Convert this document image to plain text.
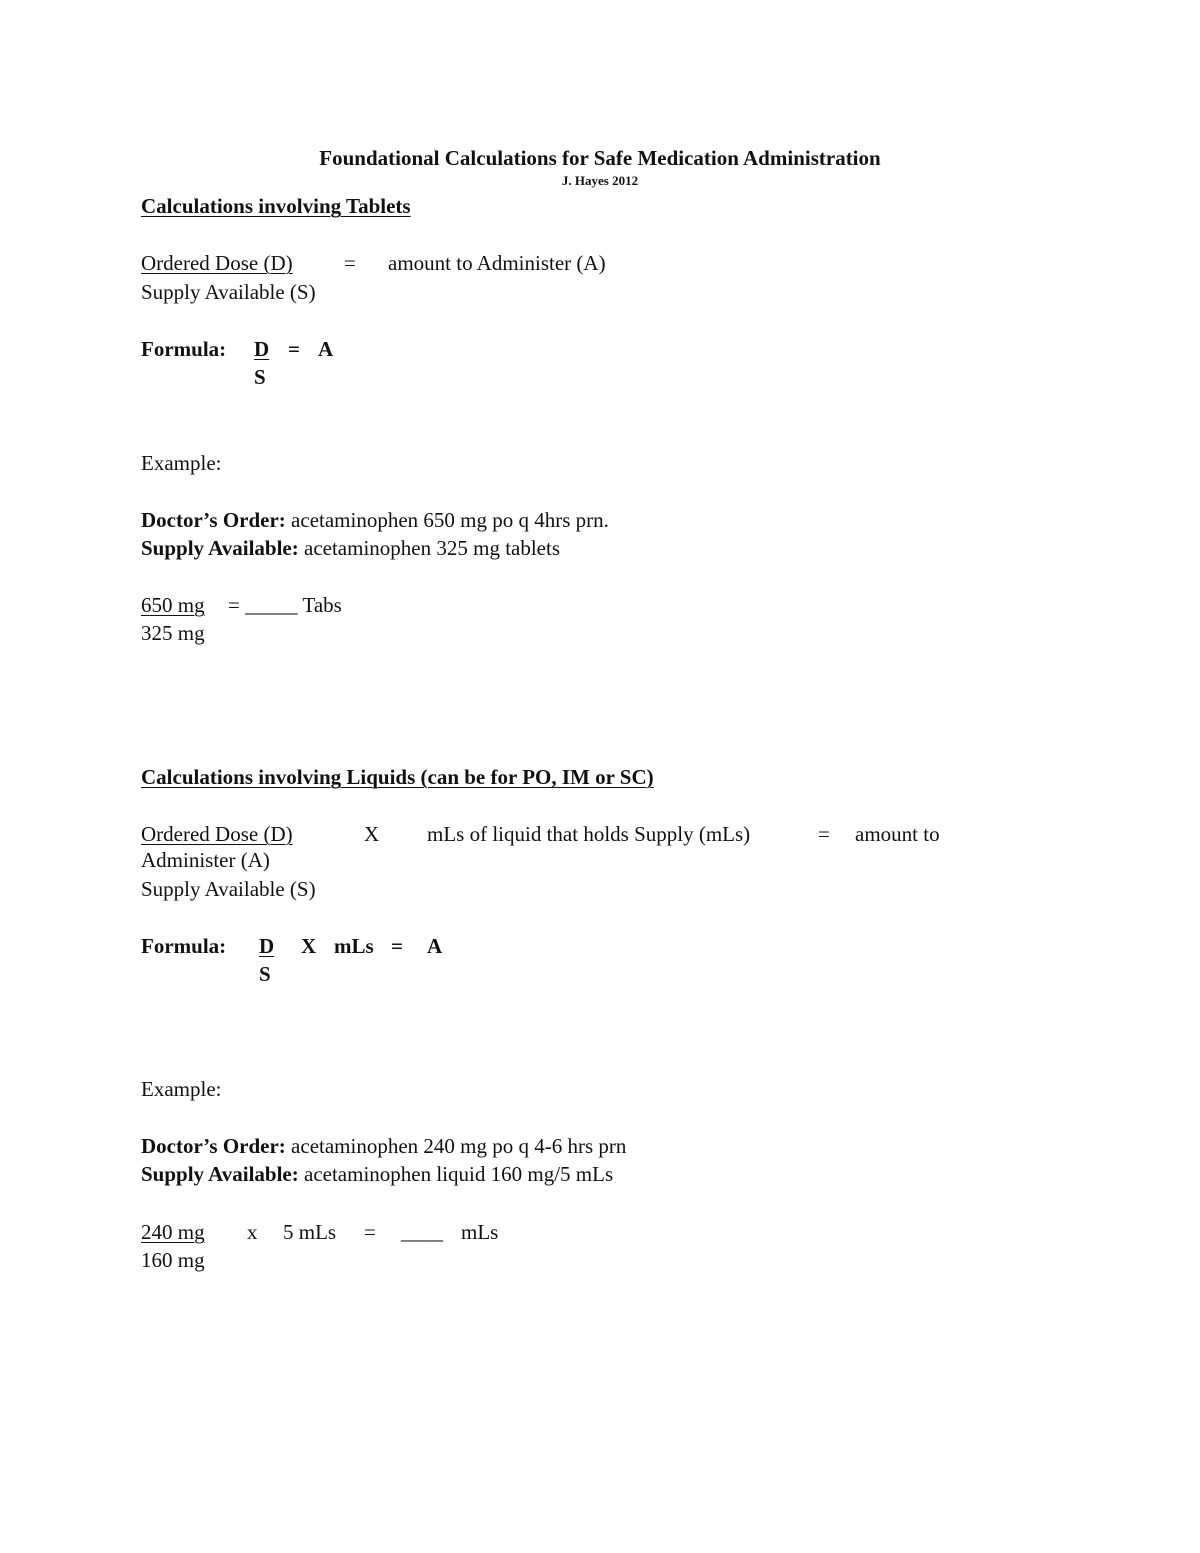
Foundational Calculations for Safe Medication Administration
J. Hayes 2012
Calculations involving Tablets
Ordered Dose (D) = amount to Administer (A)
Supply Available (S)
Formula: D = A
S
Example:
Doctor’s Order: acetaminophen 650 mg po q 4hrs prn.
Supply Available: acetaminophen 325 mg tablets
650 mg = _____ Tabs
325 mg
Calculations involving Liquids (can be for PO, IM or SC)
Ordered Dose (D)	X mLs of liquid that holds Supply (mLs)	= amount to
Administer (A)
Supply Available (S)
Formula: D X mLs = A
S
Example:
Doctor’s Order: acetaminophen 240 mg po q 4-6 hrs prn
Supply Available: acetaminophen liquid 160 mg/5 mLs
240 mg x 5 mLs = ____ mLs
160 mg
